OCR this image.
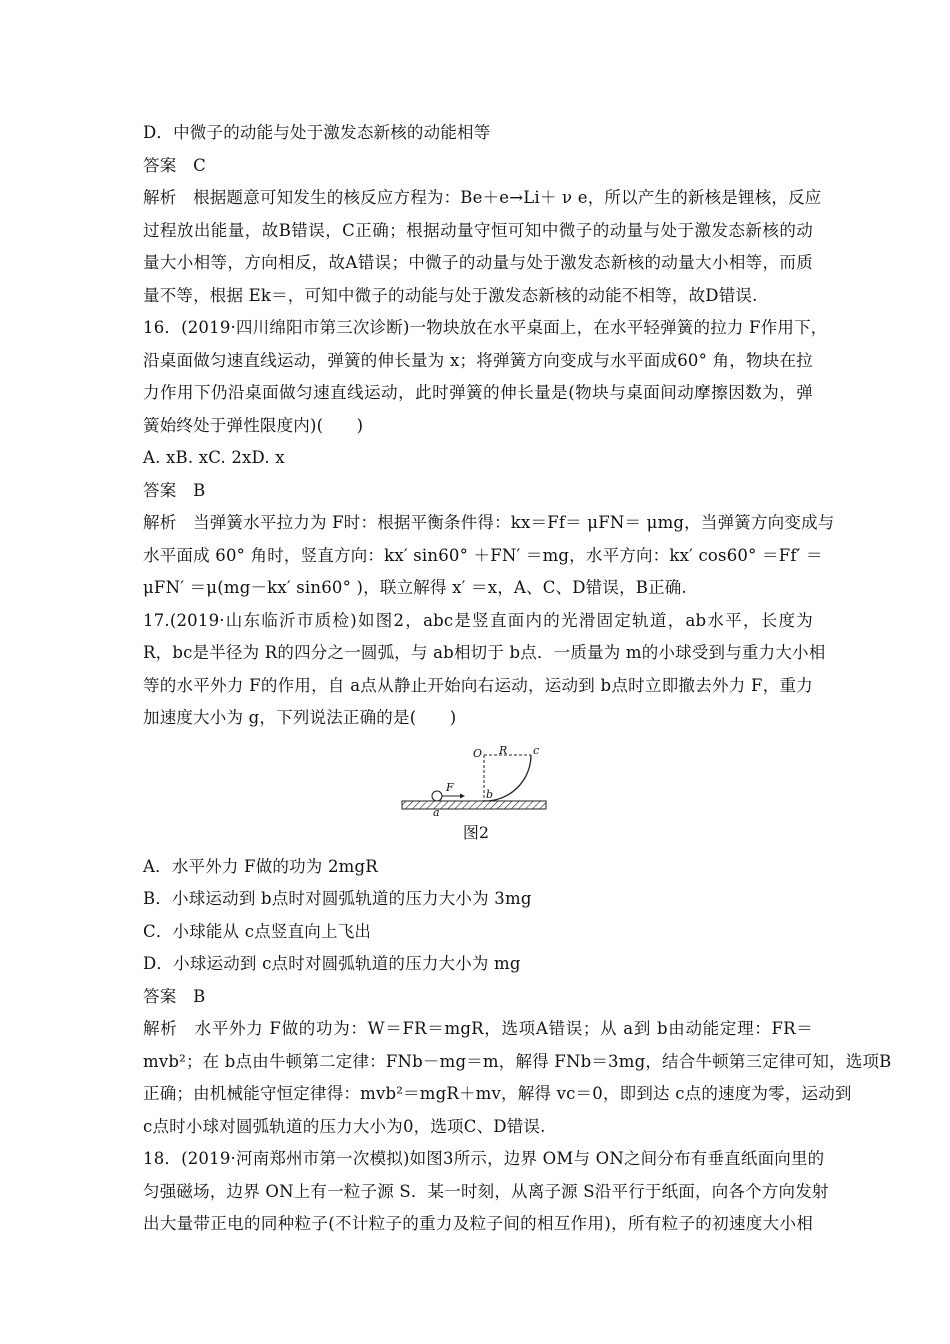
D．中微子的动能与处于激发态新核的动能相等
答案　C
解析　根据题意可知发生的核反应方程为：Be＋e→Li＋ ν e，所以产生的新核是锂核，反应
过程放出能量，故B错误，C正确；根据动量守恒可知中微子的动量与处于激发态新核的动
量大小相等，方向相反，故A错误；中微子的动量与处于激发态新核的动量大小相等，而质
量不等，根据 Ek＝，可知中微子的动能与处于激发态新核的动能不相等，故D错误.
16．(2019·四川绵阳市第三次诊断)一物块放在水平桌面上，在水平轻弹簧的拉力 F作用下，
沿桌面做匀速直线运动，弹簧的伸长量为 x；将弹簧方向变成与水平面成60° 角，物块在拉
力作用下仍沿桌面做匀速直线运动，此时弹簧的伸长量是(物块与桌面间动摩擦因数为，弹
簧始终处于弹性限度内)(　　)
A. xB. xC. 2xD. x
答案　B
解析　当弹簧水平拉力为 F时：根据平衡条件得：kx＝Ff＝ μFN＝ μmg，当弹簧方向变成与
水平面成 60° 角时，竖直方向：kx′ sin60° ＋FN′ ＝mg，水平方向：kx′ cos60° ＝Ff′ ＝
μFN′ ＝μ(mg－kx′ sin60° )，联立解得 x′ ＝x，A、C、D错误，B正确.
17.(2019·山东临沂市质检)如图2，abc是竖直面内的光滑固定轨道，ab水平，长度为
R，bc是半径为 R的四分之一圆弧，与 ab相切于 b点．一质量为 m的小球受到与重力大小相
等的水平外力 F的作用，自 a点从静止开始向右运动，运动到 b点时立即撤去外力 F，重力
加速度大小为 g，下列说法正确的是(　　)
O R c
F
b
a
图2
A．水平外力 F做的功为 2mgR
B．小球运动到 b点时对圆弧轨道的压力大小为 3mg
C．小球能从 c点竖直向上飞出
D．小球运动到 c点时对圆弧轨道的压力大小为 mg
答案　B
解析　水平外力 F做的功为：W＝FR＝mgR，选项A错误；从 a到 b由动能定理：FR＝
mvb²；在 b点由牛顿第二定律：FNb－mg＝m，解得 FNb＝3mg，结合牛顿第三定律可知，选项B
正确；由机械能守恒定律得：mvb²＝mgR＋mv，解得 vc＝0，即到达 c点的速度为零，运动到
c点时小球对圆弧轨道的压力大小为0，选项C、D错误.
18．(2019·河南郑州市第一次模拟)如图3所示，边界 OM与 ON之间分布有垂直纸面向里的
匀强磁场，边界 ON上有一粒子源 S．某一时刻，从离子源 S沿平行于纸面，向各个方向发射
出大量带正电的同种粒子(不计粒子的重力及粒子间的相互作用)，所有粒子的初速度大小相
